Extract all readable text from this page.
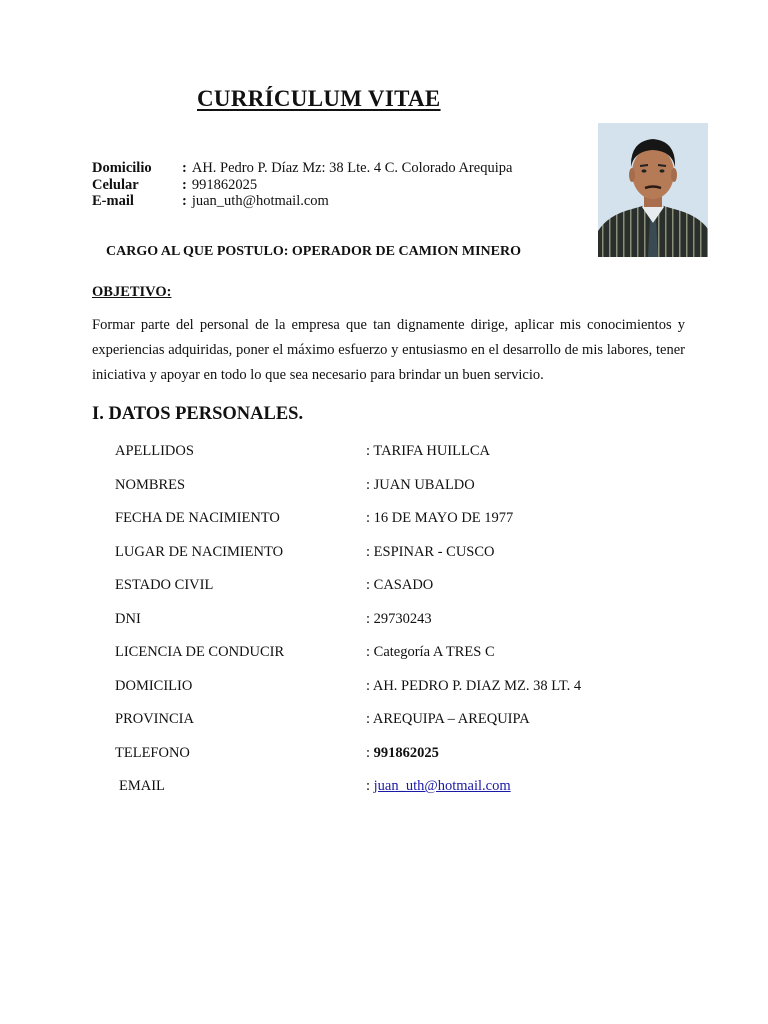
CURRÍCULUM VITAE
Domicilio	: AH. Pedro P. Díaz Mz: 38 Lte. 4 C. Colorado Arequipa
Celular	: 991862025
E-mail	: juan_uth@hotmail.com
CARGO AL QUE POSTULO: OPERADOR DE CAMION MINERO
OBJETIVO:

Formar parte del personal de la empresa que tan dignamente dirige, aplicar mis conocimientos y experiencias adquiridas, poner el máximo esfuerzo y entusiasmo en el desarrollo de mis labores, tener iniciativa y apoyar en todo lo que sea necesario para brindar un buen servicio.

I. DATOS PERSONALES.
APELLIDOS	: TARIFA HUILLCA
NOMBRES	: JUAN UBALDO
FECHA DE NACIMIENTO	: 16 DE MAYO DE 1977
LUGAR DE NACIMIENTO	: ESPINAR - CUSCO
ESTADO CIVIL	: CASADO
DNI	: 29730243
LICENCIA DE CONDUCIR	: Categoría A TRES C
DOMICILIO	: AH. PEDRO P. DIAZ MZ. 38 LT. 4
PROVINCIA	: AREQUIPA – AREQUIPA
TELEFONO	: 991862025
EMAIL	: juan_uth@hotmail.com
